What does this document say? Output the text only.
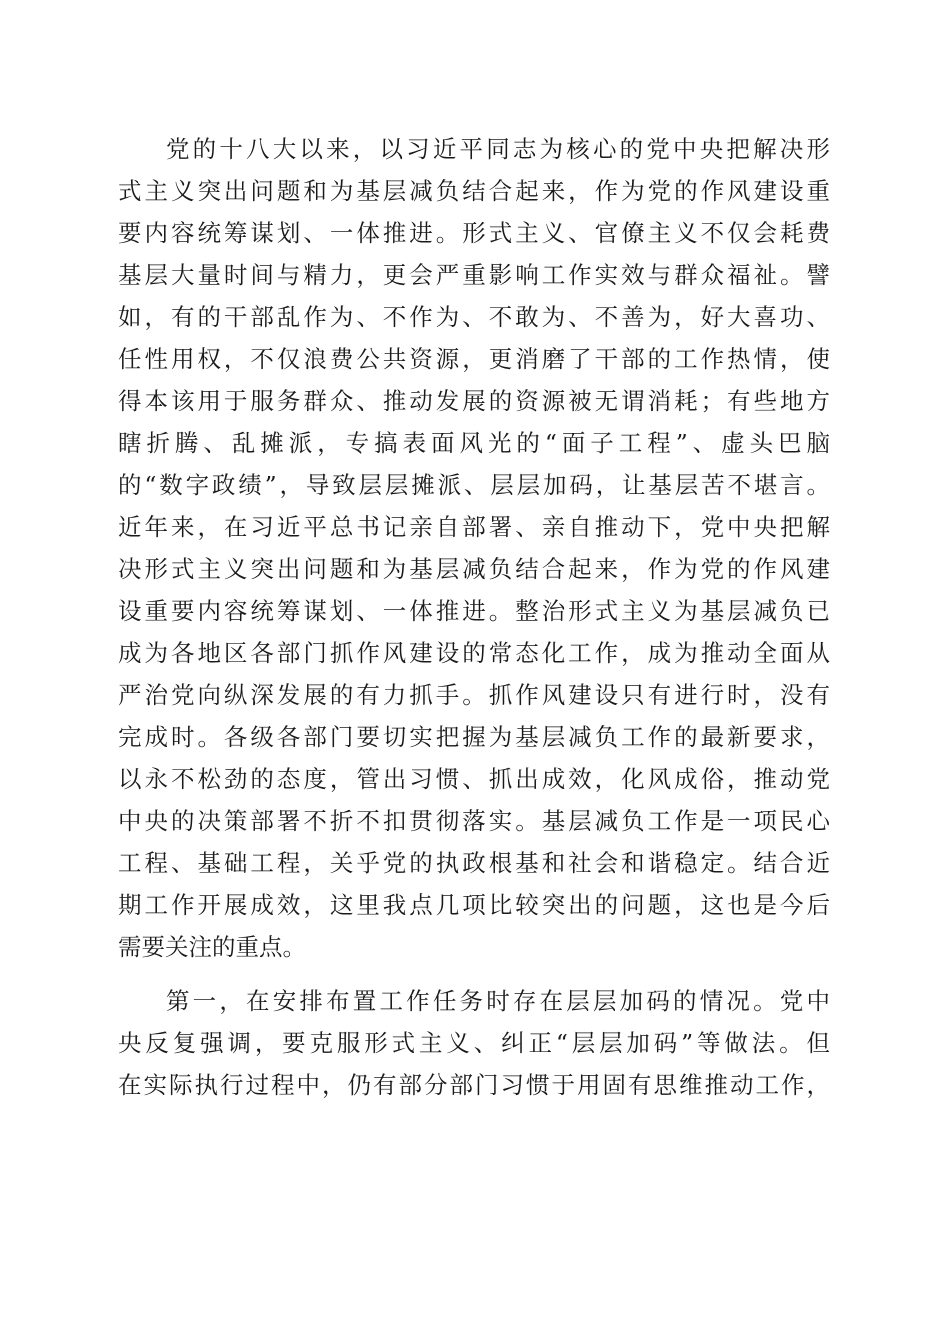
党的十八大以来，以习近平同志为核心的党中央把解决形
式主义突出问题和为基层减负结合起来，作为党的作风建设重
要内容统筹谋划、一体推进。形式主义、官僚主义不仅会耗费
基层大量时间与精力，更会严重影响工作实效与群众福祉。譬
如，有的干部乱作为、不作为、不敢为、不善为，好大喜功、
任性用权，不仅浪费公共资源，更消磨了干部的工作热情，使
得本该用于服务群众、推动发展的资源被无谓消耗；有些地方
瞎折腾、乱摊派，专搞表面风光的“面子工程”、虚头巴脑
的“数字政绩”，导致层层摊派、层层加码，让基层苦不堪言。
近年来，在习近平总书记亲自部署、亲自推动下，党中央把解
决形式主义突出问题和为基层减负结合起来，作为党的作风建
设重要内容统筹谋划、一体推进。整治形式主义为基层减负已
成为各地区各部门抓作风建设的常态化工作，成为推动全面从
严治党向纵深发展的有力抓手。抓作风建设只有进行时，没有
完成时。各级各部门要切实把握为基层减负工作的最新要求，
以永不松劲的态度，管出习惯、抓出成效，化风成俗，推动党
中央的决策部署不折不扣贯彻落实。基层减负工作是一项民心
工程、基础工程，关乎党的执政根基和社会和谐稳定。结合近
期工作开展成效，这里我点几项比较突出的问题，这也是今后
需要关注的重点。
第一，在安排布置工作任务时存在层层加码的情况。党中
央反复强调，要克服形式主义、纠正“层层加码”等做法。但
在实际执行过程中，仍有部分部门习惯于用固有思维推动工作，
